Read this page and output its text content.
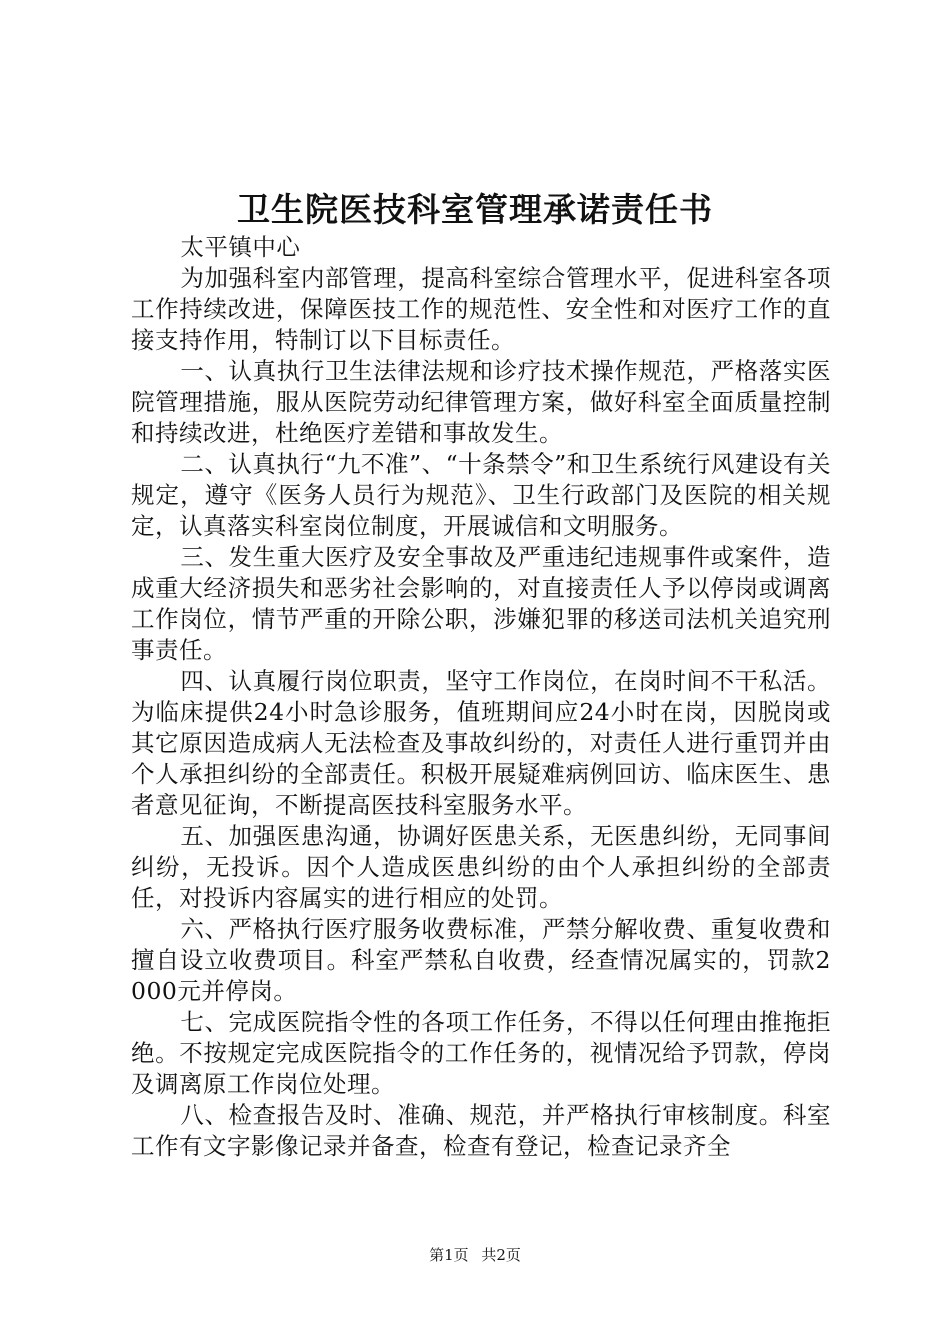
卫生院医技科室管理承诺责任书

太平镇中心

为加强科室内部管理，提高科室综合管理水平，促进科室各项工作持续改进，保障医技工作的规范性、安全性和对医疗工作的直接支持作用，特制订以下目标责任。

一、认真执行卫生法律法规和诊疗技术操作规范，严格落实医院管理措施，服从医院劳动纪律管理方案，做好科室全面质量控制和持续改进，杜绝医疗差错和事故发生。

二、认真执行“九不准”、“十条禁令”和卫生系统行风建设有关规定，遵守《医务人员行为规范》、卫生行政部门及医院的相关规定，认真落实科室岗位制度，开展诚信和文明服务。

三、发生重大医疗及安全事故及严重违纪违规事件或案件，造成重大经济损失和恶劣社会影响的，对直接责任人予以停岗或调离工作岗位，情节严重的开除公职，涉嫌犯罪的移送司法机关追究刑事责任。

四、认真履行岗位职责，坚守工作岗位，在岗时间不干私活。为临床提供24小时急诊服务，值班期间应24小时在岗，因脱岗或其它原因造成病人无法检查及事故纠纷的，对责任人进行重罚并由个人承担纠纷的全部责任。积极开展疑难病例回访、临床医生、患者意见征询，不断提高医技科室服务水平。

五、加强医患沟通，协调好医患关系，无医患纠纷，无同事间纠纷，无投诉。因个人造成医患纠纷的由个人承担纠纷的全部责任，对投诉内容属实的进行相应的处罚。

六、严格执行医疗服务收费标准，严禁分解收费、重复收费和擅自设立收费项目。科室严禁私自收费，经查情况属实的，罚款2000元并停岗。

七、完成医院指令性的各项工作任务，不得以任何理由推拖拒绝。不按规定完成医院指令的工作任务的，视情况给予罚款，停岗及调离原工作岗位处理。

八、检查报告及时、准确、规范，并严格执行审核制度。科室工作有文字影像记录并备查，检查有登记，检查记录齐全

第1页 共2页
